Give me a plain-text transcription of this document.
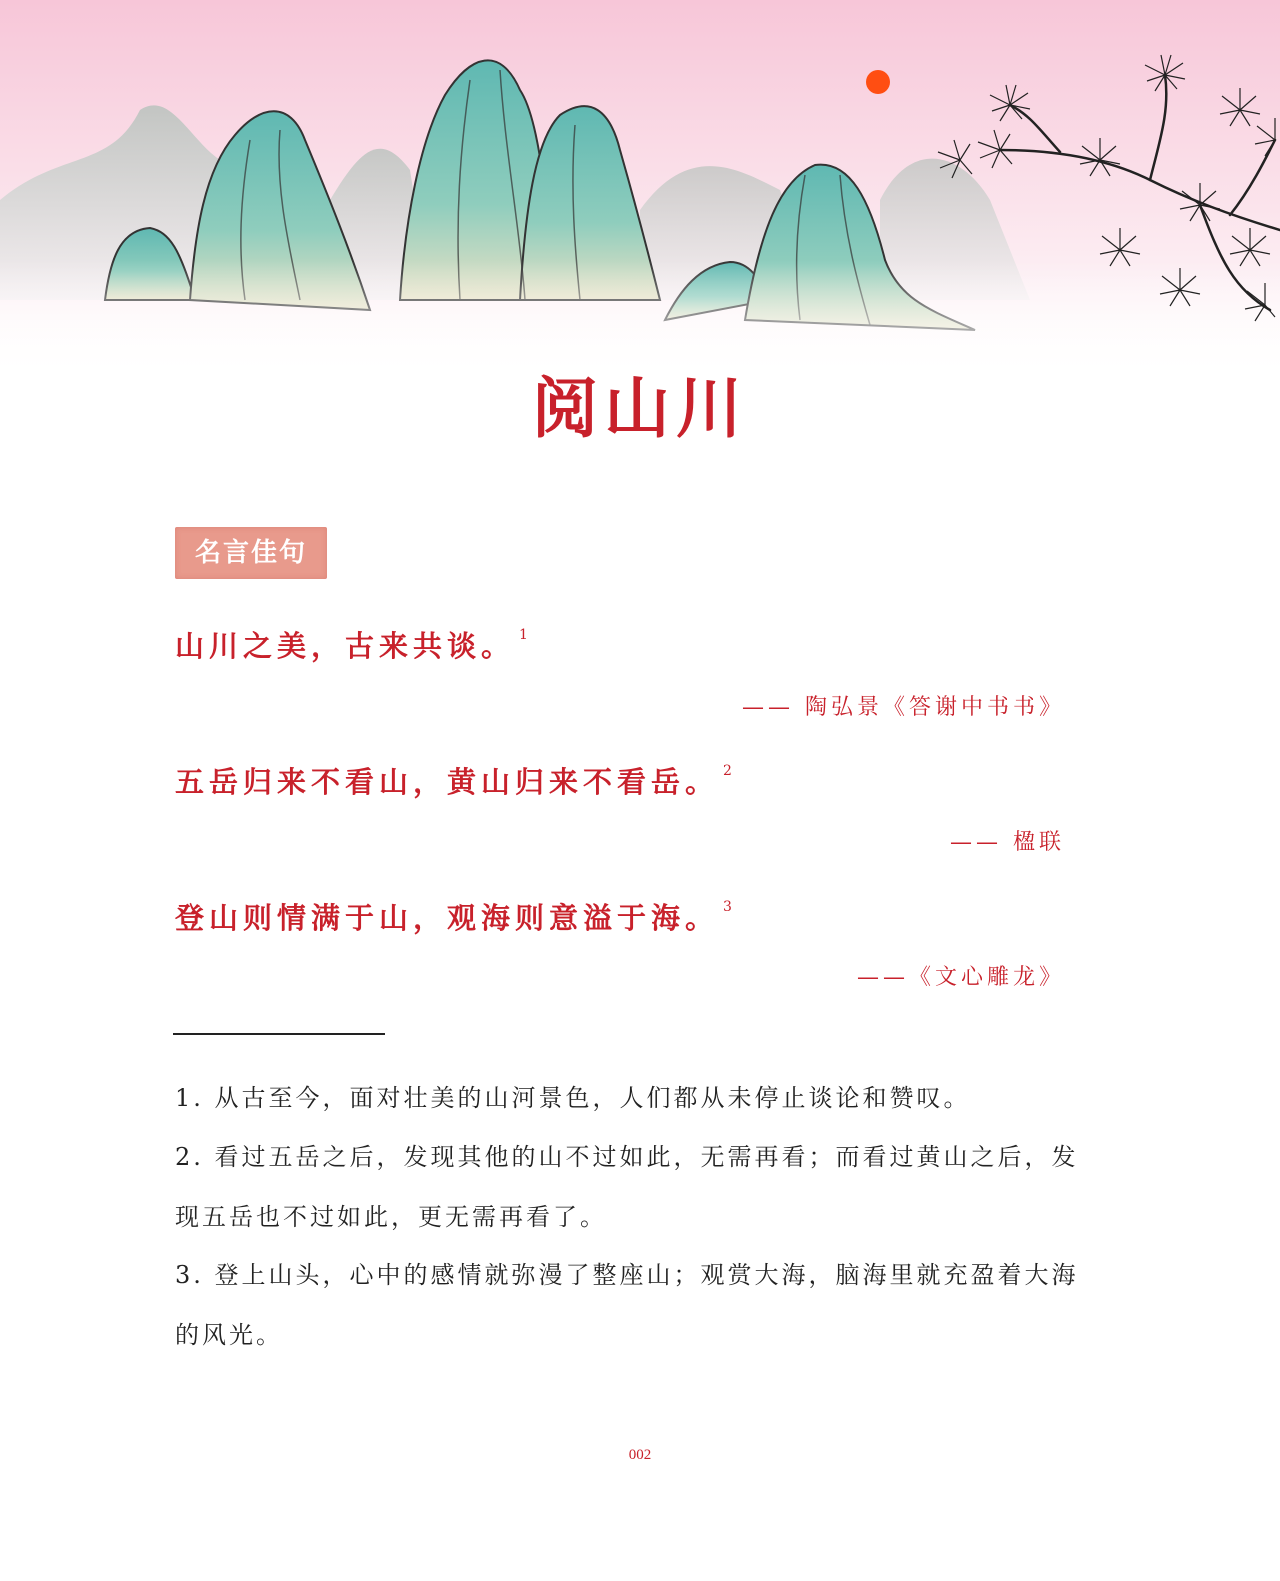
阅山川
名言佳句
山川之美，古来共谈。 $^1$
—— 陶弘景《答谢中书书》
五岳归来不看山，黄山归来不看岳。 $^2$
—— 楹联
登山则情满于山，观海则意溢于海。 $^3$
——《文心雕龙》
1. 从古至今，面对壮美的山河景色，人们都从未停止谈论和赞叹。
2. 看过五岳之后，发现其他的山不过如此，无需再看；而看过黄山之后，发现五岳也不过如此，更无需再看了。
3. 登上山头，心中的感情就弥漫了整座山；观赏大海，脑海里就充盈着大海的风光。
002
